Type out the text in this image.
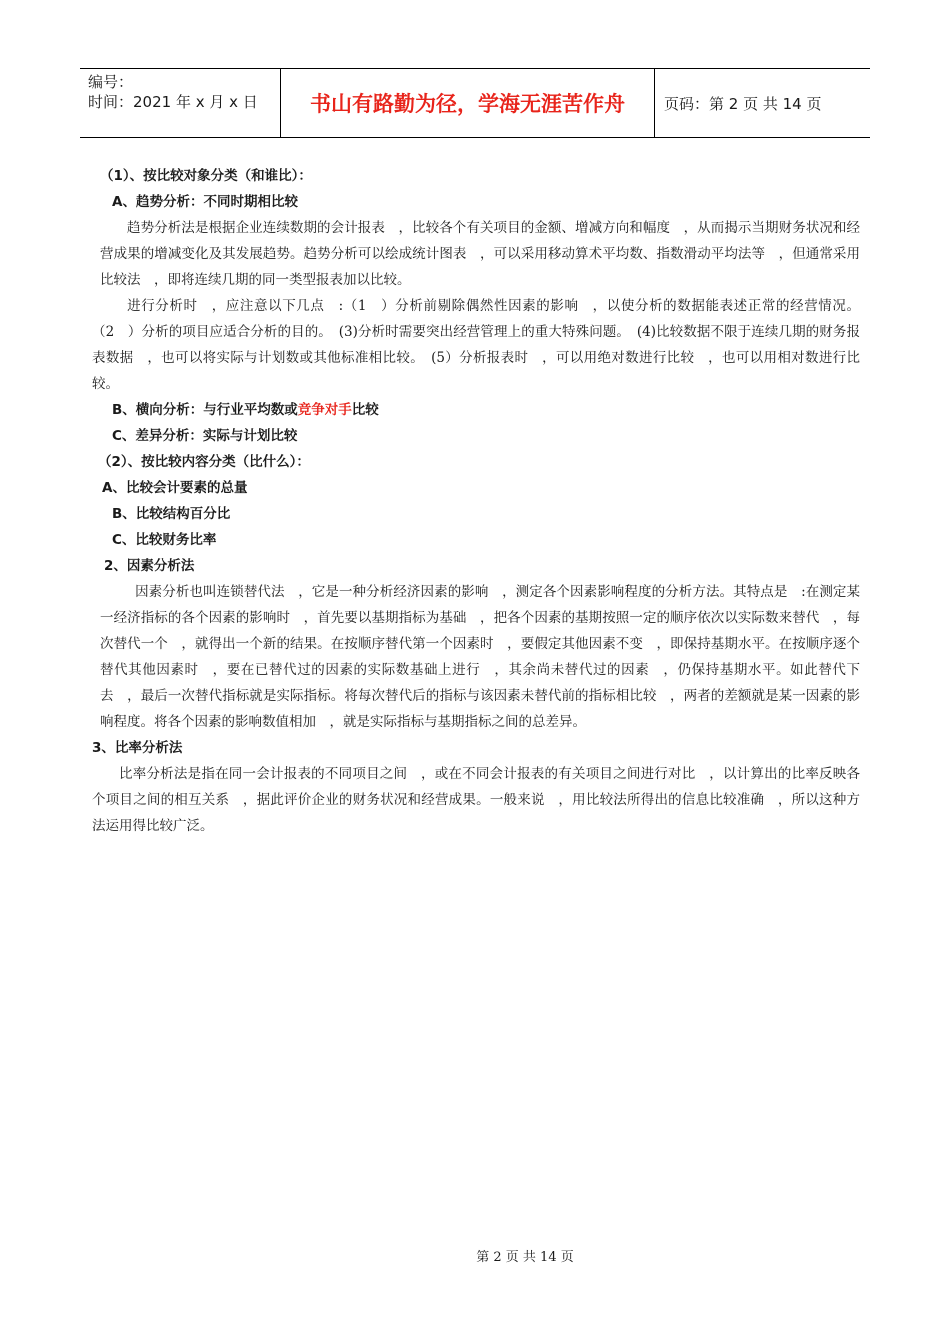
编号：
时间：2021 年 x 月 x 日	书山有路勤为径，学海无涯苦作舟	页码：第 2 页 共 14 页
（1）、按比较对象分类（和谁比）：
A、趋势分析：不同时期相比较
趋势分析法是根据企业连续数期的会计报表　，比较各个有关项目的金额、增减方向和幅度　，从而揭示当期财务状况和经营成果的增减变化及其发展趋势。趋势分析可以绘成统计图表　，可以采用移动算术平均数、指数滑动平均法等　，但通常采用比较法　，即将连续几期的同一类型报表加以比较。
进行分析时　，应注意以下几点　:（1　）分析前剔除偶然性因素的影响　，以使分析的数据能表述正常的经营情况。（2　）分析的项目应适合分析的目的。　(3)分析时需要突出经营管理上的重大特殊问题。　(4)比较数据不限于连续几期的财务报表数据　，也可以将实际与计划数或其他标准相比较。　(5）分析报表时　，可以用绝对数进行比较　，也可以用相对数进行比较。
B、横向分析：与行业平均数或竞争对手比较
C、差异分析：实际与计划比较
（2）、按比较内容分类（比什么）：
A、比较会计要素的总量
B、比较结构百分比
C、比较财务比率
2、因素分析法
因素分析也叫连锁替代法　，它是一种分析经济因素的影响　，测定各个因素影响程度的分析方法。其特点是　:在测定某一经济指标的各个因素的影响时　，首先要以基期指标为基础　，把各个因素的基期按照一定的顺序依次以实际数来替代　，每次替代一个　，就得出一个新的结果。在按顺序替代第一个因素时　，要假定其他因素不变　，即保持基期水平。在按顺序逐个替代其他因素时　，要在已替代过的因素的实际数基础上进行　，其余尚未替代过的因素　，仍保持基期水平。如此替代下去　，最后一次替代指标就是实际指标。将每次替代后的指标与该因素未替代前的指标相比较　，两者的差额就是某一因素的影响程度。将各个因素的影响数值相加　，就是实际指标与基期指标之间的总差异。
3、比率分析法
比率分析法是指在同一会计报表的不同项目之间　，或在不同会计报表的有关项目之间进行对比　，以计算出的比率反映各个项目之间的相互关系　，据此评价企业的财务状况和经营成果。一般来说　，用比较法所得出的信息比较准确　，所以这种方法运用得比较广泛。
第 2 页 共 14 页
